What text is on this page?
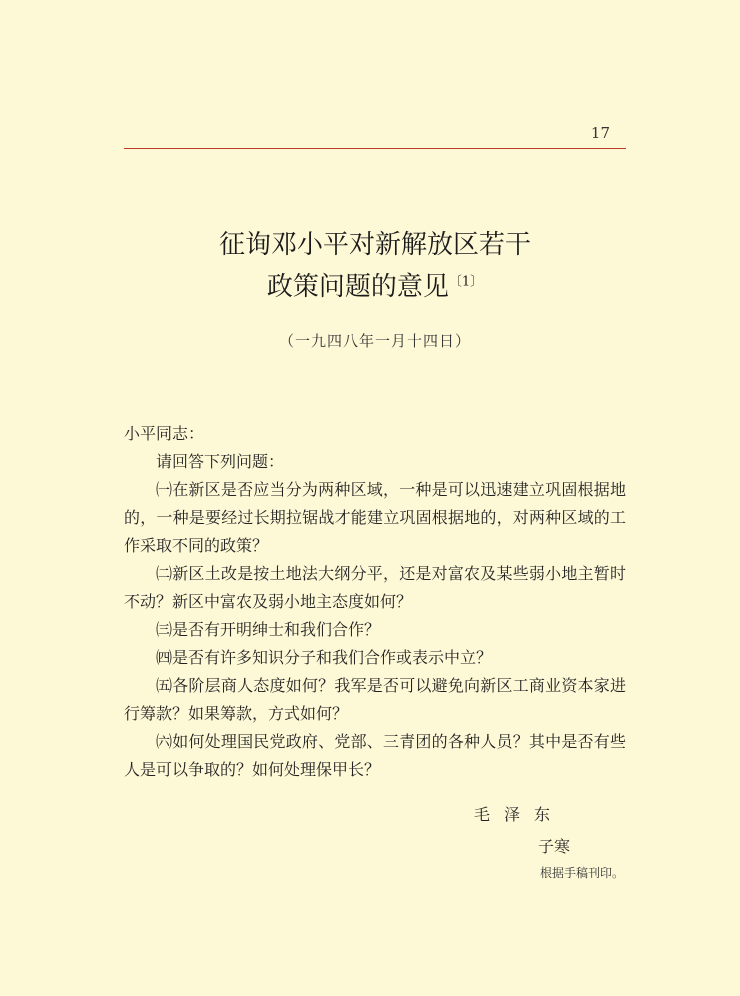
17
征询邓小平对新解放区若干
政策问题的意见$^{〔1〕}$
（一九四八年一月十四日）

小平同志：

请回答下列问题：

㈠在新区是否应当分为两种区域，一种是可以迅速建立巩固根据地的，一种是要经过长期拉锯战才能建立巩固根据地的，对两种区域的工作采取不同的政策？

㈡新区土改是按土地法大纲分平，还是对富农及某些弱小地主暂时不动？新区中富农及弱小地主态度如何？

㈢是否有开明绅士和我们合作？

㈣是否有许多知识分子和我们合作或表示中立？

㈤各阶层商人态度如何？我军是否可以避免向新区工商业资本家进行筹款？如果筹款，方式如何？

㈥如何处理国民党政府、党部、三青团的各种人员？其中是否有些人是可以争取的？如何处理保甲长？

毛泽东
子寒
根据手稿刊印。
